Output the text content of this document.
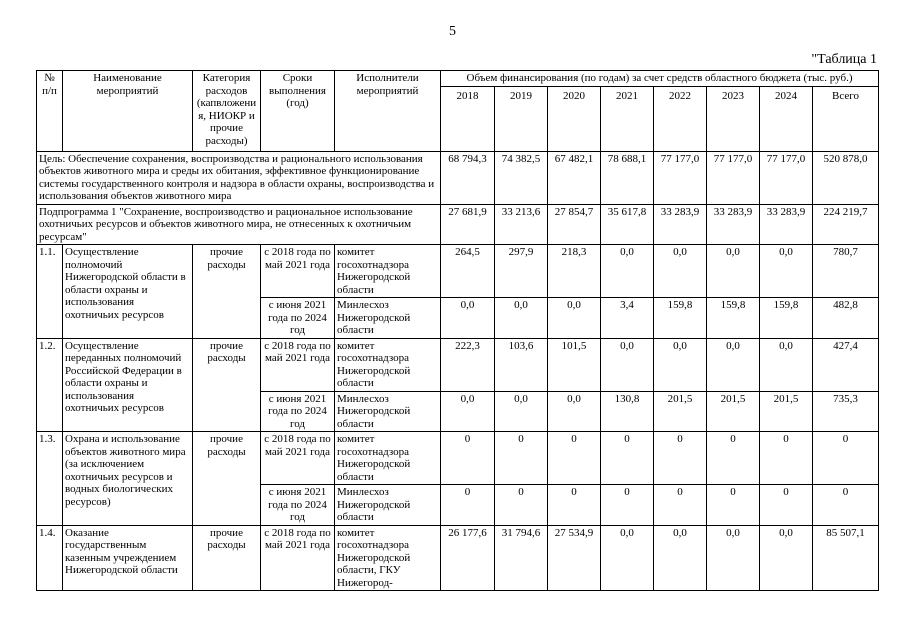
5
"Таблица 1
№ п/п	Наименование мероприятий	Категория расходов (капвложения, НИОКР и прочие расходы)	Сроки выполнения (год)	Исполнители мероприятий	Объем финансирования (по годам) за счет средств областного бюджета (тыс. руб.)							
					2018	2019	2020	2021	2022	2023	2024	Всего
Цель: Обеспечение сохранения, воспроизводства и рационального использования объектов животного мира и среды их обитания, эффективное функционирование системы государственного контроля и надзора в области охраны, воспроизводства и использования объектов животного мира					68 794,3	74 382,5	67 482,1	78 688,1	77 177,0	77 177,0	77 177,0	520 878,0
Подпрограмма 1 "Сохранение, воспроизводство и рациональное использование охотничьих ресурсов и объектов животного мира, не отнесенных к охотничьим ресурсам"					27 681,9	33 213,6	27 854,7	35 617,8	33 283,9	33 283,9	33 283,9	224 219,7
1.1.	Осуществление полномочий Нижегородской области в области охраны и использования охотничьих ресурсов	прочие расходы	с 2018 года по май 2021 года	комитет госохотнадзора Нижегородской области	264,5	297,9	218,3	0,0	0,0	0,0	0,0	780,7
			с июня 2021 года по 2024 год	Минлесхоз Нижегородской области	0,0	0,0	0,0	3,4	159,8	159,8	159,8	482,8
1.2.	Осуществление переданных полномочий Российской Федерации в области охраны и использования охотничьих ресурсов	прочие расходы	с 2018 года по май 2021 года	комитет госохотнадзора Нижегородской области	222,3	103,6	101,5	0,0	0,0	0,0	0,0	427,4
			с июня 2021 года по 2024 год	Минлесхоз Нижегородской области	0,0	0,0	0,0	130,8	201,5	201,5	201,5	735,3
1.3.	Охрана и использование объектов животного мира (за исключением охотничьих ресурсов и водных биологических ресурсов)	прочие расходы	с 2018 года по май 2021 года	комитет госохотнадзора Нижегородской области	0	0	0	0	0	0	0	0
			с июня 2021 года по 2024 год	Минлесхоз Нижегородской области	0	0	0	0	0	0	0	0
1.4.	Оказание государственным казенным учреждением Нижегородской области	прочие расходы	с 2018 года по май 2021 года	комитет госохотнадзора Нижегородской области, ГКУ Нижегород-	26 177,6	31 794,6	27 534,9	0,0	0,0	0,0	0,0	85 507,1
